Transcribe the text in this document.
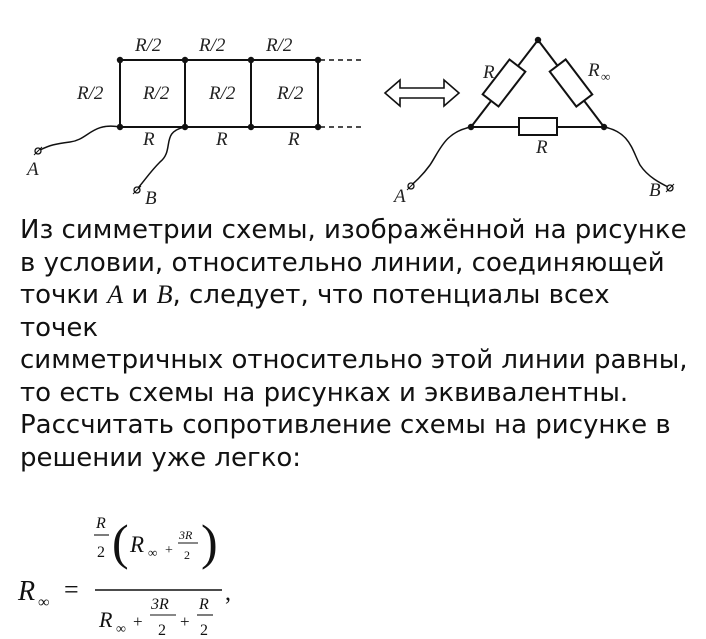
R/2 R/2 R/2
R/2 R/2 R/2 R/2
R	R	R
A
B
R	R ∞
R
A	B

Из симметрии схемы, изображённой на рисунке

в условии, относительно линии, соединяющей

точки A и B, следует, что потенциалы всех точек

симметричных относительно этой линии равны,

то есть схемы на рисунках и эквивалентны.

Рассчитать сопротивление схемы на рисунке в

решении уже легко:

R ∞ =
R
2 ( R ∞ +
3R
2 )
R ∞ +
3R
2 +
R
2
,
